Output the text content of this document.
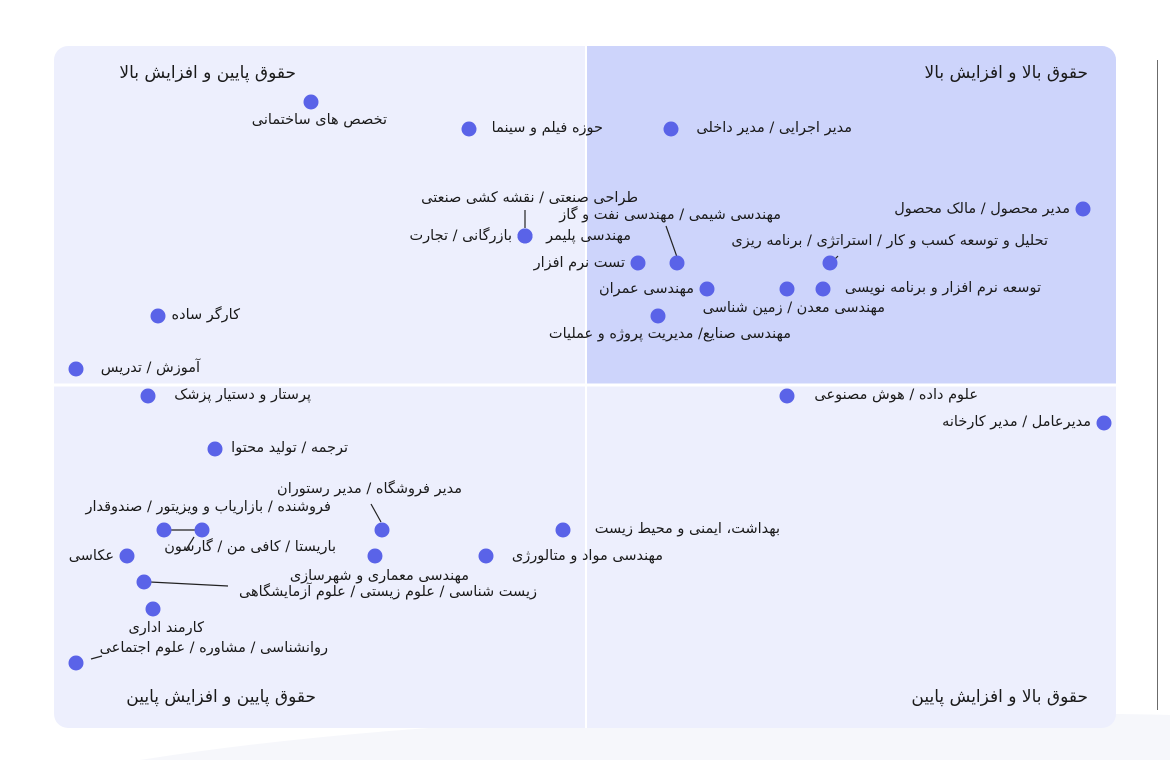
حقوق پایین و افزایش بالا	حقوق بالا و افزایش بالا
حقوق پایین و افزایش پایین	حقوق بالا و افزایش پایین
تخصص های ساختمانی	حوزه فیلم و سینما	مدیر اجرایی / مدیر داخلی
مدیر محصول / مالک محصول
طراحی صنعتی / نقشه کشی صنعتی
بازرگانی / تجارت مهندسی پلیمر
مهندسی شیمی / مهندسی نفت و گاز
تحلیل و توسعه کسب و کار / استراتژی / برنامه ریزی
تست نرم افزار
مهندسی عمران
مهندسی معدن / زمین شناسی
توسعه نرم افزار و برنامه نویسی
مهندسی صنایع/ مدیریت پروژه و عملیات
کارگر ساده
آموزش / تدریس
پرستار و دستیار پزشک	علوم داده / هوش مصنوعی
مدیرعامل / مدیر کارخانه
ترجمه / تولید محتوا
مدیر فروشگاه / مدیر رستوران
فروشنده / بازاریاب و ویزیتور / صندوقدار
بهداشت، ایمنی و محیط زیست
باریستا / کافی من / گارسون
عکاسی
مهندسی معماری و شهرسازی
مهندسی مواد و متالورژی
زیست شناسی / علوم زیستی / علوم آزمایشگاهی
کارمند اداری
روانشناسی / مشاوره / علوم اجتماعی
